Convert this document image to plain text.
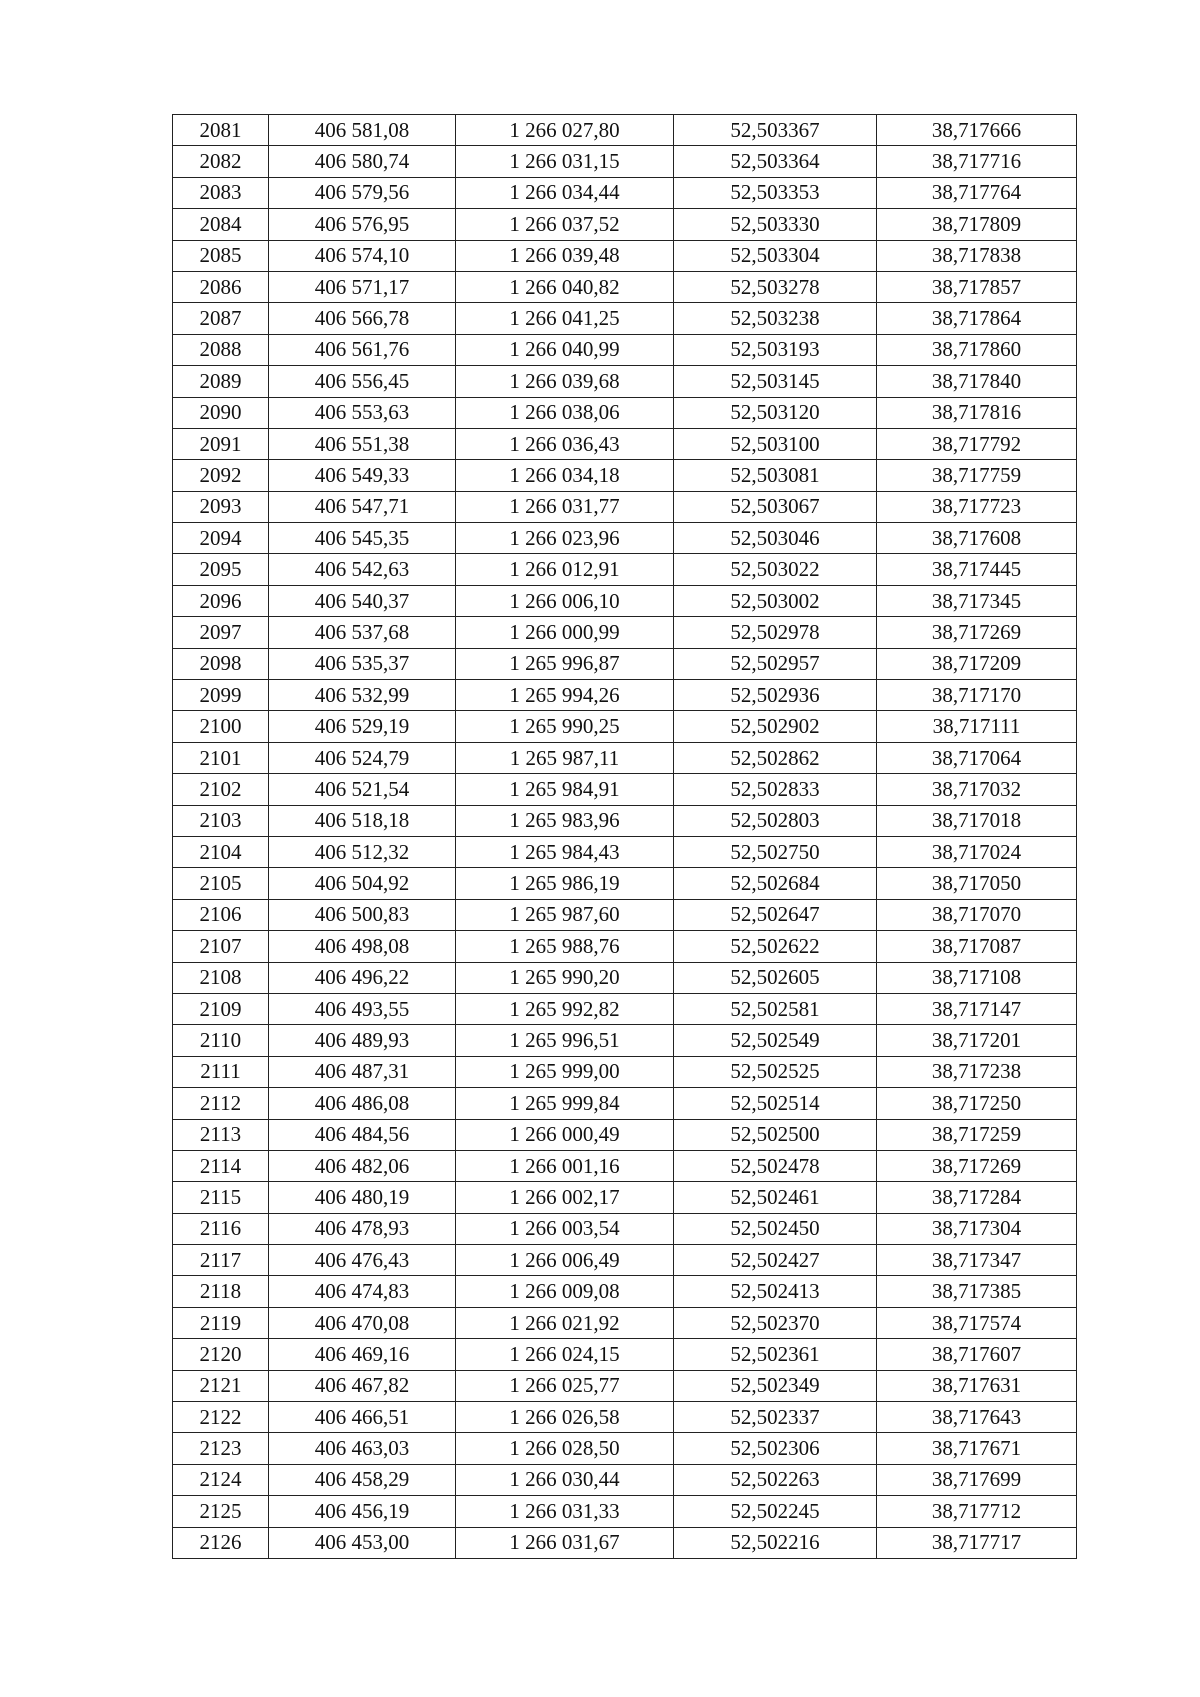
2081	406 581,08	1 266 027,80	52,503367	38,717666
2082	406 580,74	1 266 031,15	52,503364	38,717716
2083	406 579,56	1 266 034,44	52,503353	38,717764
2084	406 576,95	1 266 037,52	52,503330	38,717809
2085	406 574,10	1 266 039,48	52,503304	38,717838
2086	406 571,17	1 266 040,82	52,503278	38,717857
2087	406 566,78	1 266 041,25	52,503238	38,717864
2088	406 561,76	1 266 040,99	52,503193	38,717860
2089	406 556,45	1 266 039,68	52,503145	38,717840
2090	406 553,63	1 266 038,06	52,503120	38,717816
2091	406 551,38	1 266 036,43	52,503100	38,717792
2092	406 549,33	1 266 034,18	52,503081	38,717759
2093	406 547,71	1 266 031,77	52,503067	38,717723
2094	406 545,35	1 266 023,96	52,503046	38,717608
2095	406 542,63	1 266 012,91	52,503022	38,717445
2096	406 540,37	1 266 006,10	52,503002	38,717345
2097	406 537,68	1 266 000,99	52,502978	38,717269
2098	406 535,37	1 265 996,87	52,502957	38,717209
2099	406 532,99	1 265 994,26	52,502936	38,717170
2100	406 529,19	1 265 990,25	52,502902	38,717111
2101	406 524,79	1 265 987,11	52,502862	38,717064
2102	406 521,54	1 265 984,91	52,502833	38,717032
2103	406 518,18	1 265 983,96	52,502803	38,717018
2104	406 512,32	1 265 984,43	52,502750	38,717024
2105	406 504,92	1 265 986,19	52,502684	38,717050
2106	406 500,83	1 265 987,60	52,502647	38,717070
2107	406 498,08	1 265 988,76	52,502622	38,717087
2108	406 496,22	1 265 990,20	52,502605	38,717108
2109	406 493,55	1 265 992,82	52,502581	38,717147
2110	406 489,93	1 265 996,51	52,502549	38,717201
2111	406 487,31	1 265 999,00	52,502525	38,717238
2112	406 486,08	1 265 999,84	52,502514	38,717250
2113	406 484,56	1 266 000,49	52,502500	38,717259
2114	406 482,06	1 266 001,16	52,502478	38,717269
2115	406 480,19	1 266 002,17	52,502461	38,717284
2116	406 478,93	1 266 003,54	52,502450	38,717304
2117	406 476,43	1 266 006,49	52,502427	38,717347
2118	406 474,83	1 266 009,08	52,502413	38,717385
2119	406 470,08	1 266 021,92	52,502370	38,717574
2120	406 469,16	1 266 024,15	52,502361	38,717607
2121	406 467,82	1 266 025,77	52,502349	38,717631
2122	406 466,51	1 266 026,58	52,502337	38,717643
2123	406 463,03	1 266 028,50	52,502306	38,717671
2124	406 458,29	1 266 030,44	52,502263	38,717699
2125	406 456,19	1 266 031,33	52,502245	38,717712
2126	406 453,00	1 266 031,67	52,502216	38,717717
